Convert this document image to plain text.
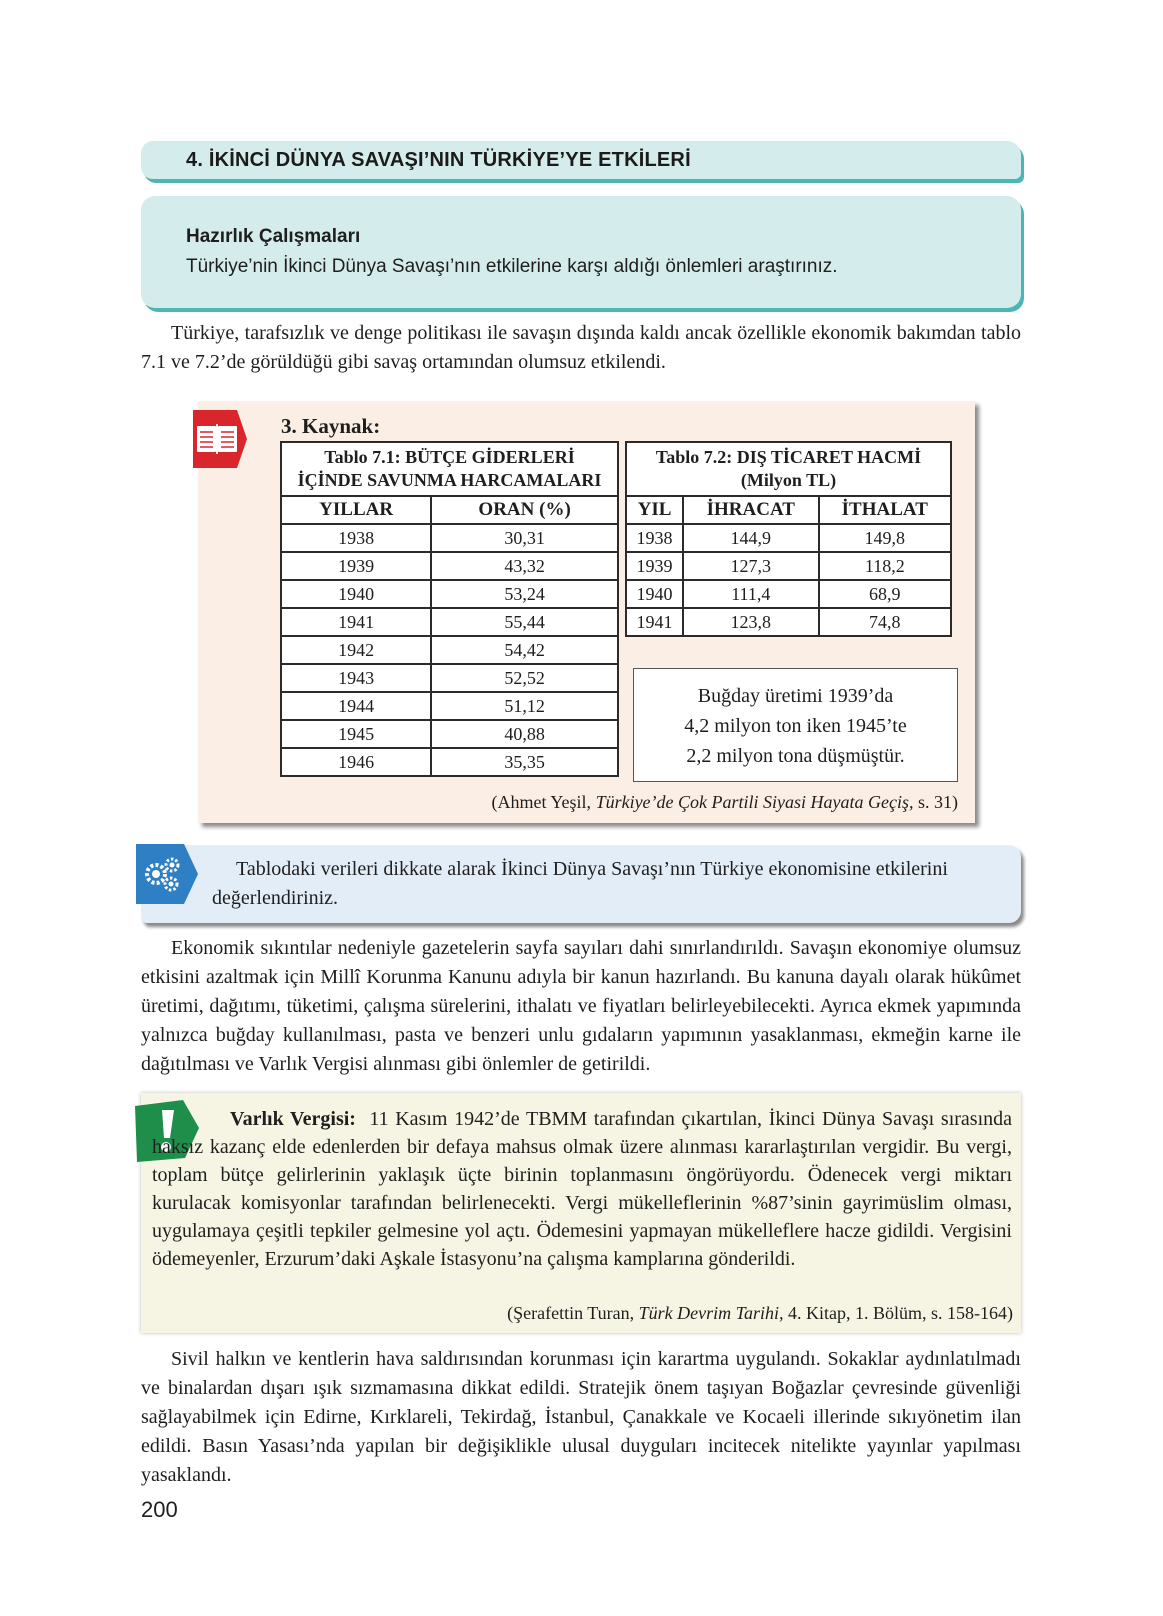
4. İKİNCİ DÜNYA SAVAŞI’NIN TÜRKİYE’YE ETKİLERİ
Hazırlık Çalışmaları
Türkiye’nin İkinci Dünya Savaşı’nın etkilerine karşı aldığı önlemleri araştırınız.

Türkiye, tarafsızlık ve denge politikası ile savaşın dışında kaldı ancak özellikle ekonomik bakımdan tablo 7.1 ve 7.2’de görüldüğü gibi savaş ortamından olumsuz etkilendi.

3. Kaynak:
Tablo 7.1: BÜTÇE GİDERLERİ
İÇİNDE SAVUNMA HARCAMALARI	
YILLAR	ORAN (%)
1938	30,31
1939	43,32
1940	53,24
1941	55,44
1942	54,42
1943	52,52
1944	51,12
1945	40,88
1946	35,35
Tablo 7.2: DIŞ TİCARET HACMİ
(Milyon TL)		
YIL	İHRACAT	İTHALAT
1938	144,9	149,8
1939	127,3	118,2
1940	111,4	68,9
1941	123,8	74,8
Buğday üretimi 1939’da
4,2 milyon ton iken 1945’te
2,2 milyon tona düşmüştür.
(Ahmet Yeşil, Türkiye’de Çok Partili Siyasi Hayata Geçiş, s. 31)

Tablodaki verileri dikkate alarak İkinci Dünya Savaşı’nın Türkiye ekonomisine etkilerini değerlendiriniz.

Ekonomik sıkıntılar nedeniyle gazetelerin sayfa sayıları dahi sınırlandırıldı. Savaşın ekonomiye olumsuz etkisini azaltmak için Millî Korunma Kanunu adıyla bir kanun hazırlandı. Bu kanuna dayalı olarak hükûmet üretimi, dağıtımı, tüketimi, çalışma sürelerini, ithalatı ve fiyatları belirleyebilecekti. Ayrıca ekmek yapımında yalnızca buğday kullanılması, pasta ve benzeri unlu gıdaların yapımının yasaklanması, ekmeğin karne ile dağıtılması ve Varlık Vergisi alınması gibi önlemler de getirildi.

Varlık Vergisi: 11 Kasım 1942’de TBMM tarafından çıkartılan, İkinci Dünya Savaşı sırasında haksız kazanç elde edenlerden bir defaya mahsus olmak üzere alınması kararlaştırılan vergidir. Bu vergi, toplam bütçe gelirlerinin yaklaşık üçte birinin toplanmasını öngörüyordu. Ödenecek vergi miktarı kurulacak komisyonlar tarafından belirlenecekti. Vergi mükelleflerinin %87’sinin gayrimüslim olması, uygulamaya çeşitli tepkiler gelmesine yol açtı. Ödemesini yapmayan mükelleflere hacze gidildi. Vergisini ödemeyenler, Erzurum’daki Aşkale İstasyonu’na çalışma kamplarına gönderildi.

(Şerafettin Turan, Türk Devrim Tarihi, 4. Kitap, 1. Bölüm, s. 158-164)

Sivil halkın ve kentlerin hava saldırısından korunması için karartma uygulandı. Sokaklar aydınlatılmadı ve binalardan dışarı ışık sızmamasına dikkat edildi. Stratejik önem taşıyan Boğazlar çevresinde güvenliği sağlayabilmek için Edirne, Kırklareli, Tekirdağ, İstanbul, Çanakkale ve Kocaeli illerinde sıkıyönetim ilan edildi. Basın Yasası’nda yapılan bir değişiklikle ulusal duyguları incitecek nitelikte yayınlar yapılması yasaklandı.

200
